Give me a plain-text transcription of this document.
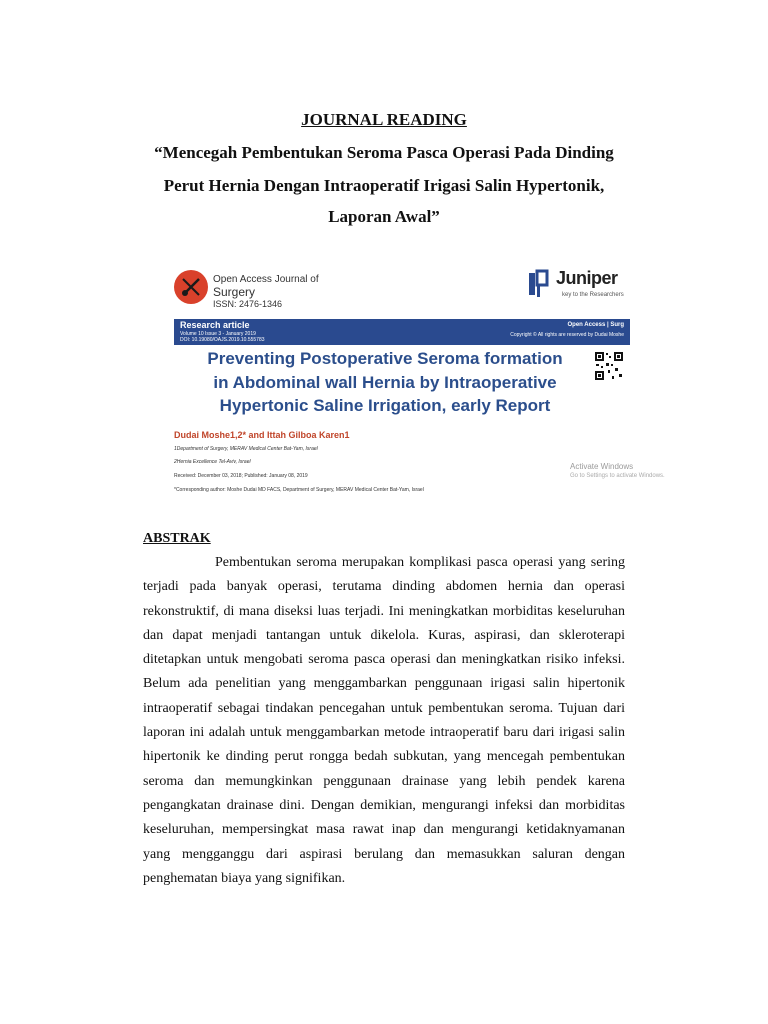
JOURNAL READING
“Mencegah Pembentukan Seroma Pasca Operasi Pada Dinding
Perut Hernia Dengan Intraoperatif Irigasi Salin Hypertonik,
Laporan Awal”
Open Access Journal of
Surgery
ISSN: 2476-1346
Juniper
key to the Researchers
Research article
Volume 10 Issue 3 - January 2019
DOI: 10.19080/OAJS.2019.10.555783
Open Access | Surg
Copyright © All rights are reserved by Dudai Moshe
Preventing Postoperative Seroma formation
in Abdominal wall Hernia by Intraoperative
Hypertonic Saline Irrigation, early Report
Dudai Moshe1,2* and Ittah Gilboa Karen1
1Department of Surgery, MERAV Medical Center Bat-Yam, Israel
2Hernia Excellence Tel-Aviv, Israel
Received: December 03, 2018; Published: January 08, 2019
*Corresponding author: Moshe Dudai MD FACS, Department of Surgery, MERAV Medical Center Bat-Yam, Israel
Activate Windows
Go to Settings to activate Windows.
ABSTRAK

Pembentukan seroma merupakan komplikasi pasca operasi yang sering terjadi pada banyak operasi, terutama dinding abdomen hernia dan operasi rekonstruktif, di mana diseksi luas terjadi. Ini meningkatkan morbiditas keseluruhan dan dapat menjadi tantangan untuk dikelola. Kuras, aspirasi, dan skleroterapi ditetapkan untuk mengobati seroma pasca operasi dan meningkatkan risiko infeksi. Belum ada penelitian yang menggambarkan penggunaan irigasi salin hipertonik intraoperatif sebagai tindakan pencegahan untuk pembentukan seroma. Tujuan dari laporan ini adalah untuk menggambarkan metode intraoperatif baru dari irigasi salin hipertonik ke dinding perut rongga bedah subkutan, yang mencegah pembentukan seroma dan memungkinkan penggunaan drainase yang lebih pendek karena pengangkatan drainase dini. Dengan demikian, mengurangi infeksi dan morbiditas keseluruhan, mempersingkat masa rawat inap dan mengurangi ketidaknyamanan yang mengganggu dari aspirasi berulang dan memasukkan saluran dengan penghematan biaya yang signifikan.
